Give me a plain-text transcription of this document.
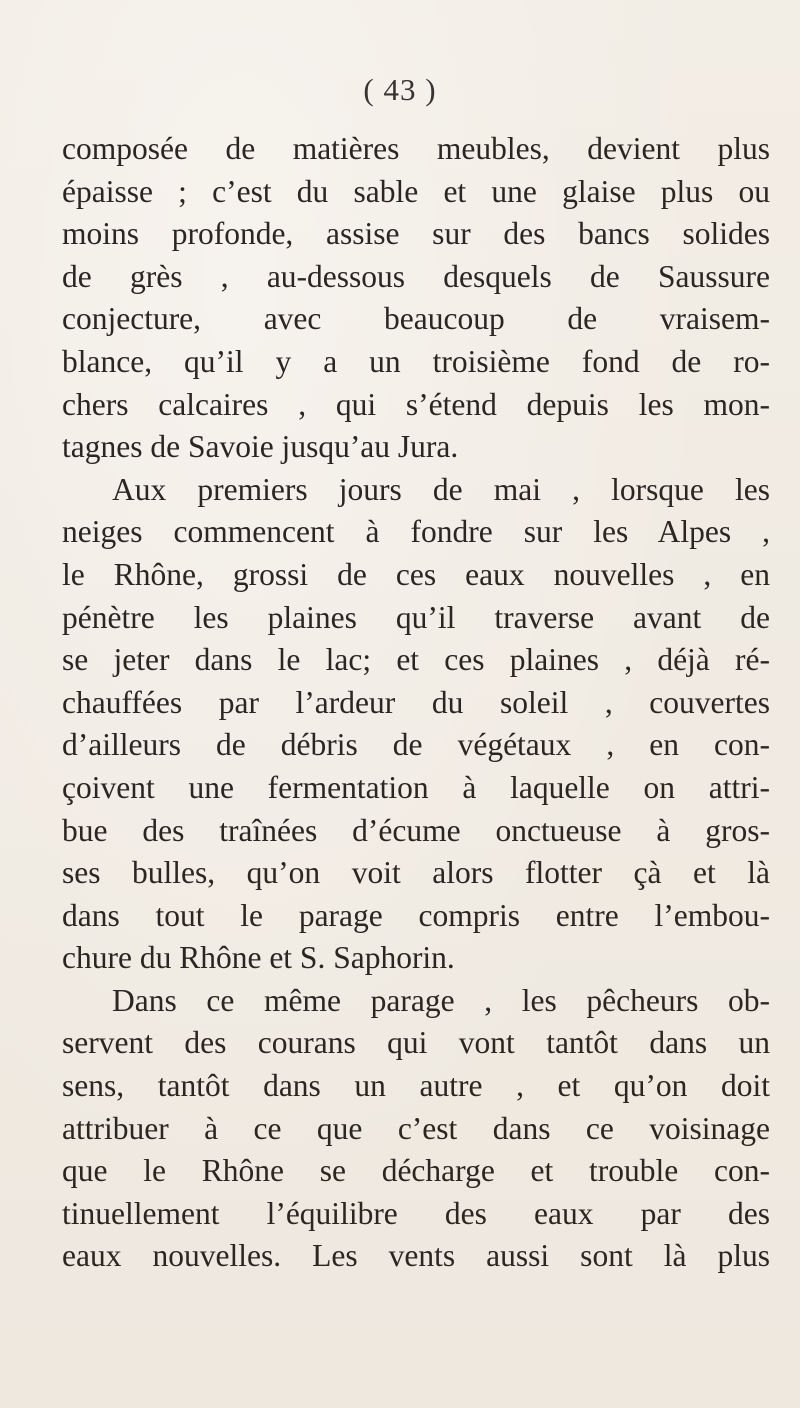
( 43 )
composée de matières meubles, devient plus
épaisse ; c’est du sable et une glaise plus ou
moins profonde, assise sur des bancs solides
de grès , au-dessous desquels de Saussure
conjecture, avec beaucoup de vraisem-
blance, qu’il y a un troisième fond de ro-
chers calcaires , qui s’étend depuis les mon-
tagnes de Savoie jusqu’au Jura.
Aux premiers jours de mai , lorsque les
neiges commencent à fondre sur les Alpes ,
le Rhône, grossi de ces eaux nouvelles , en
pénètre les plaines qu’il traverse avant de
se jeter dans le lac; et ces plaines , déjà ré-
chauffées par l’ardeur du soleil , couvertes
d’ailleurs de débris de végétaux , en con-
çoivent une fermentation à laquelle on attri-
bue des traînées d’écume onctueuse à gros-
ses bulles, qu’on voit alors flotter çà et là
dans tout le parage compris entre l’embou-
chure du Rhône et S. Saphorin.
Dans ce même parage , les pêcheurs ob-
servent des courans qui vont tantôt dans un
sens, tantôt dans un autre , et qu’on doit
attribuer à ce que c’est dans ce voisinage
que le Rhône se décharge et trouble con-
tinuellement l’équilibre des eaux par des
eaux nouvelles. Les vents aussi sont là plus
